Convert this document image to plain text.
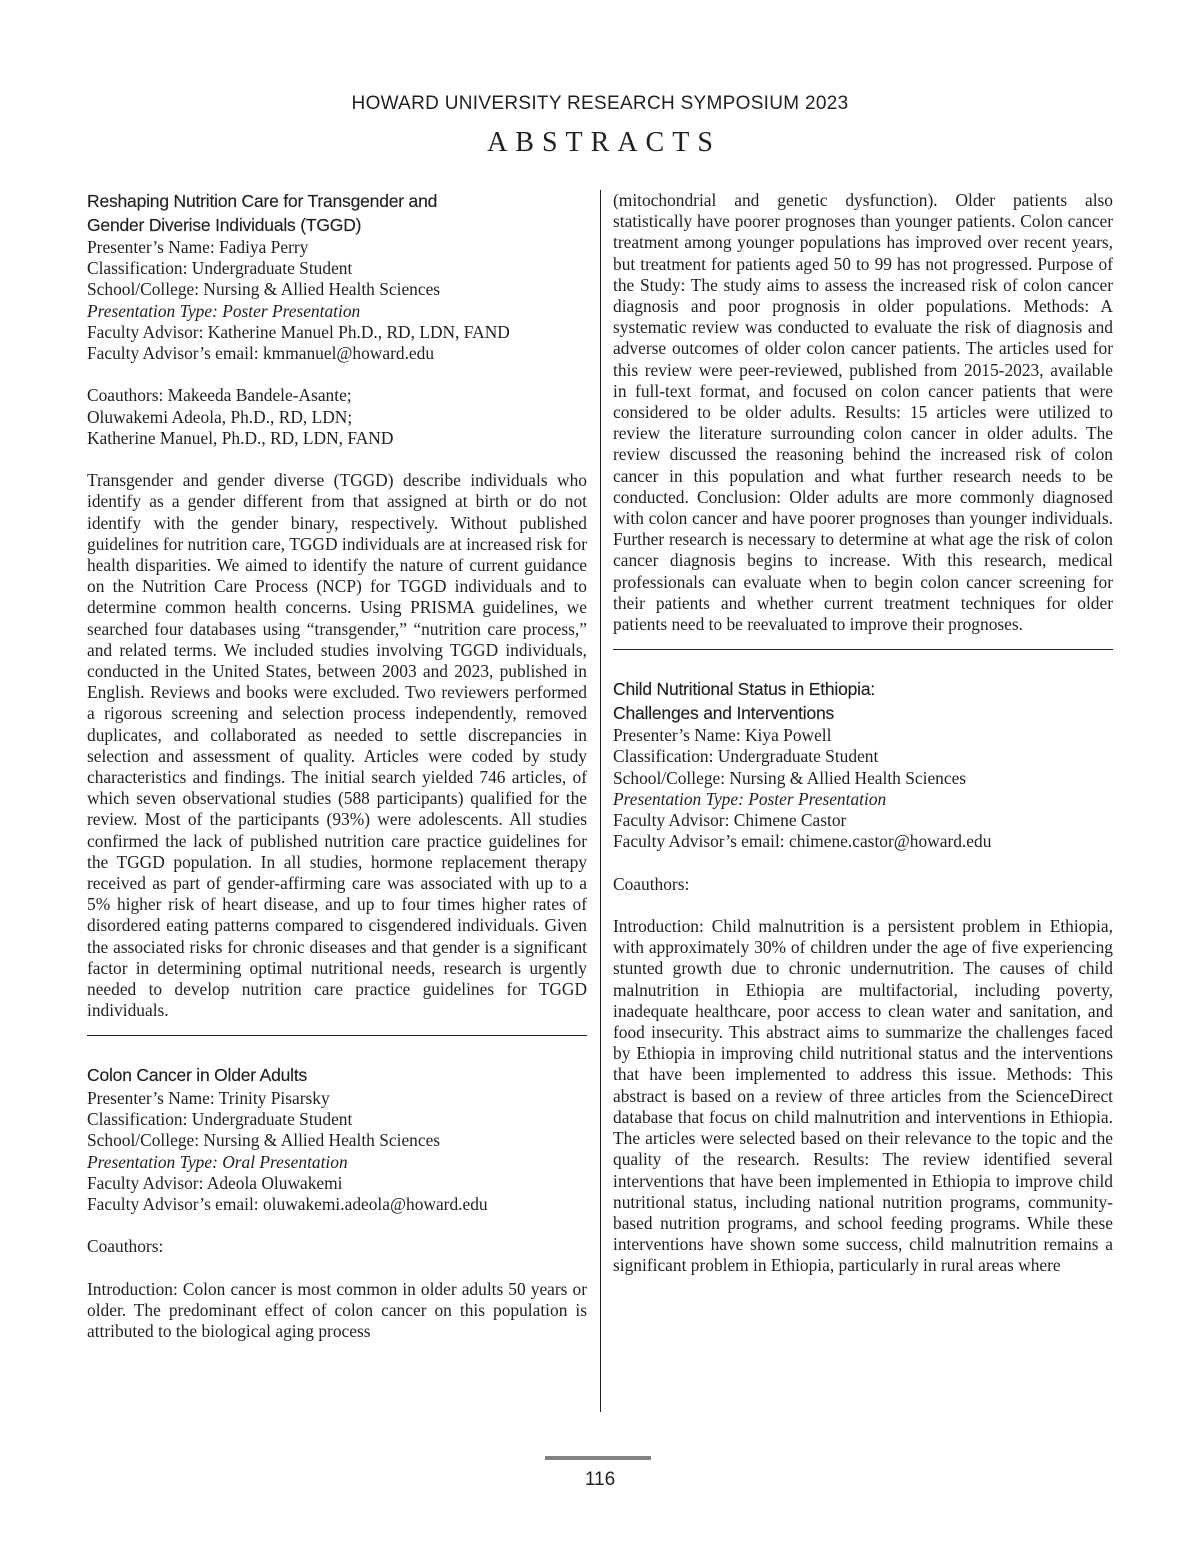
HOWARD UNIVERSITY RESEARCH SYMPOSIUM 2023
ABSTRACTS
Reshaping Nutrition Care for Transgender and
Gender Diverise Individuals (TGGD)
Presenter’s Name: Fadiya Perry
Classification: Undergraduate Student
School/College: Nursing & Allied Health Sciences
Presentation Type: Poster Presentation
Faculty Advisor: Katherine Manuel Ph.D., RD, LDN, FAND
Faculty Advisor’s email: kmmanuel@howard.edu
Coauthors: Makeeda Bandele-Asante;
Oluwakemi Adeola, Ph.D., RD, LDN;
Katherine Manuel, Ph.D., RD, LDN, FAND

Transgender and gender diverse (TGGD) describe individuals who identify as a gender different from that assigned at birth or do not identify with the gender binary, respectively. Without published guidelines for nutrition care, TGGD individuals are at increased risk for health disparities. We aimed to identify the nature of current guidance on the Nutrition Care Process (NCP) for TGGD individuals and to determine common health concerns. Using PRISMA guidelines, we searched four databases using “transgender,” “nutrition care process,” and related terms. We included studies involving TGGD individuals, conducted in the United States, between 2003 and 2023, published in English. Reviews and books were excluded. Two reviewers performed a rigorous screening and selection process independently, removed duplicates, and collaborated as needed to settle discrepancies in selection and assessment of quality. Articles were coded by study characteristics and findings. The initial search yielded 746 articles, of which seven observational studies (588 participants) qualified for the review. Most of the participants (93%) were adolescents. All studies confirmed the lack of published nutrition care practice guidelines for the TGGD population. In all studies, hormone replacement therapy received as part of gender-affirming care was associated with up to a 5% higher risk of heart disease, and up to four times higher rates of disordered eating patterns compared to cisgendered individuals. Given the associated risks for chronic diseases and that gender is a significant factor in determining optimal nutritional needs, research is urgently needed to develop nutrition care practice guidelines for TGGD individuals.

Colon Cancer in Older Adults
Presenter’s Name: Trinity Pisarsky
Classification: Undergraduate Student
School/College: Nursing & Allied Health Sciences
Presentation Type: Oral Presentation
Faculty Advisor: Adeola Oluwakemi
Faculty Advisor’s email: oluwakemi.adeola@howard.edu
Coauthors:

Introduction: Colon cancer is most common in older adults 50 years or older. The predominant effect of colon cancer on this population is attributed to the biological aging process

(mitochondrial and genetic dysfunction). Older patients also statistically have poorer prognoses than younger patients. Colon cancer treatment among younger populations has improved over recent years, but treatment for patients aged 50 to 99 has not progressed. Purpose of the Study: The study aims to assess the increased risk of colon cancer diagnosis and poor prognosis in older populations. Methods: A systematic review was conducted to evaluate the risk of diagnosis and adverse outcomes of older colon cancer patients. The articles used for this review were peer-reviewed, published from 2015-2023, available in full-text format, and focused on colon cancer patients that were considered to be older adults. Results: 15 articles were utilized to review the literature surrounding colon cancer in older adults. The review discussed the reasoning behind the increased risk of colon cancer in this population and what further research needs to be conducted. Conclusion: Older adults are more commonly diagnosed with colon cancer and have poorer prognoses than younger individuals. Further research is necessary to determine at what age the risk of colon cancer diagnosis begins to increase. With this research, medical professionals can evaluate when to begin colon cancer screening for their patients and whether current treatment techniques for older patients need to be reevaluated to improve their prognoses.

Child Nutritional Status in Ethiopia:
Challenges and Interventions
Presenter’s Name: Kiya Powell
Classification: Undergraduate Student
School/College: Nursing & Allied Health Sciences
Presentation Type: Poster Presentation
Faculty Advisor: Chimene Castor
Faculty Advisor’s email: chimene.castor@howard.edu
Coauthors:

Introduction: Child malnutrition is a persistent problem in Ethiopia, with approximately 30% of children under the age of five experiencing stunted growth due to chronic undernutrition. The causes of child malnutrition in Ethiopia are multifactorial, including poverty, inadequate healthcare, poor access to clean water and sanitation, and food insecurity. This abstract aims to summarize the challenges faced by Ethiopia in improving child nutritional status and the interventions that have been implemented to address this issue. Methods: This abstract is based on a review of three articles from the ScienceDirect database that focus on child malnutrition and interventions in Ethiopia. The articles were selected based on their relevance to the topic and the quality of the research. Results: The review identified several interventions that have been implemented in Ethiopia to improve child nutritional status, including national nutrition programs, community-based nutrition programs, and school feeding programs. While these interventions have shown some success, child malnutrition remains a significant problem in Ethiopia, particularly in rural areas where

116
